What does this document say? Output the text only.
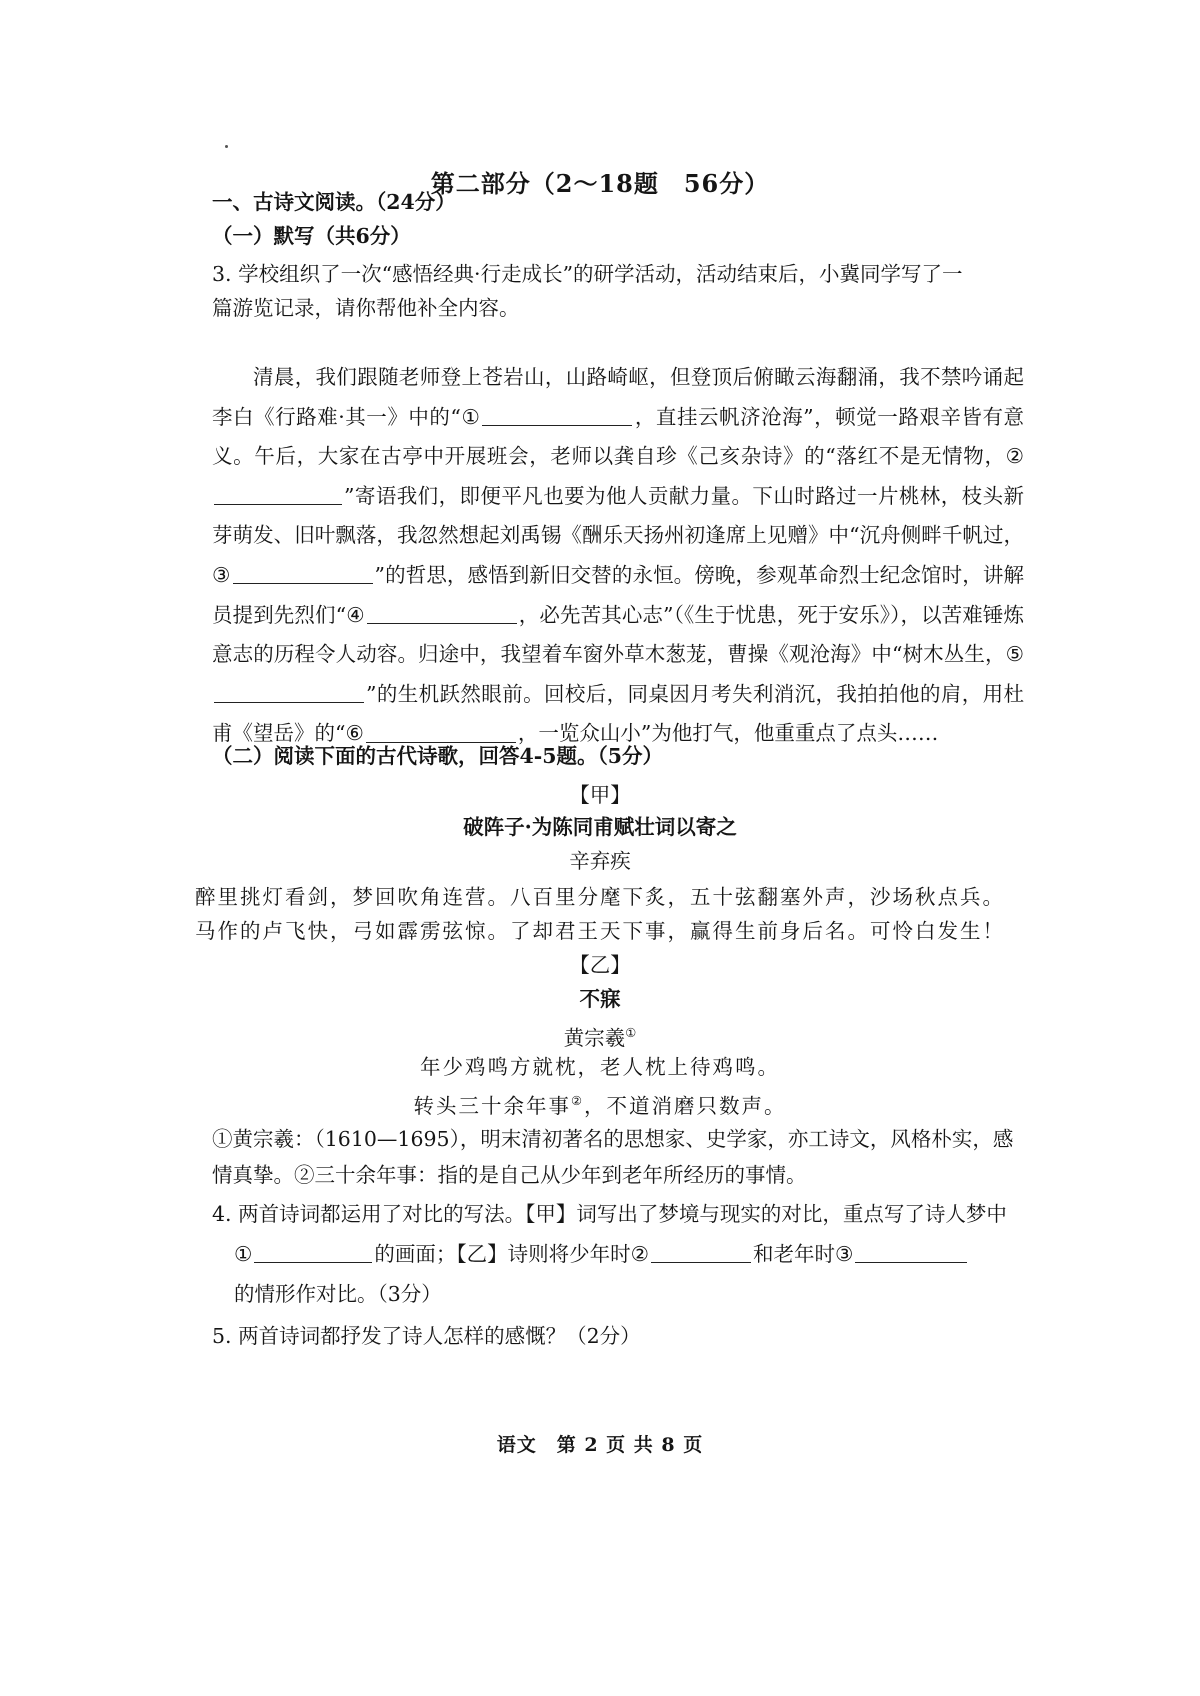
第二部分（2～18题　56分）
一、古诗文阅读。（24分）
（一）默写（共6分）
3. 学校组织了一次“感悟经典·行走成长”的研学活动，活动结束后，小冀同学写了一
篇游览记录，请你帮他补全内容。

清晨，我们跟随老师登上苍岩山，山路崎岖，但登顶后俯瞰云海翻涌，我不禁吟诵起李白《行路难·其一》中的“①	，直挂云帆济沧海”，顿觉一路艰辛皆有意义。午后，大家在古亭中开展班会，老师以龚自珍《己亥杂诗》的“落红不是无情物，②”寄语我们，即便平凡也要为他人贡献力量。下山时路过一片桃林，枝头新芽萌发、旧叶飘落，我忽然想起刘禹锡《酬乐天扬州初逢席上见赠》中“沉舟侧畔千帆过，③	”的哲思，感悟到新旧交替的永恒。傍晚，参观革命烈士纪念馆时，讲解员提到先烈们“④	，必先苦其心志”（《生于忧患，死于安乐》），以苦难锤炼意志的历程令人动容。归途中，我望着车窗外草木葱茏，曹操《观沧海》中“树木丛生，⑤”的生机跃然眼前。回校后，同桌因月考失利消沉，我拍拍他的肩，用杜甫《望岳》的“⑥	，一览众山小”为他打气，他重重点了点头……

（二）阅读下面的古代诗歌，回答4-5题。（5分）
【甲】
破阵子·为陈同甫赋壮词以寄之
辛弃疾
醉里挑灯看剑，梦回吹角连营。八百里分麾下炙，五十弦翻塞外声，沙场秋点兵。
马作的卢飞快，弓如霹雳弦惊。了却君王天下事，赢得生前身后名。可怜白发生！
【乙】
不寐
黄宗羲①
年少鸡鸣方就枕，老人枕上待鸡鸣。
转头三十余年事②，不道消磨只数声。
①黄宗羲：（1610—1695），明末清初著名的思想家、史学家，亦工诗文，风格朴实，感
情真挚。②三十余年事：指的是自己从少年到老年所经历的事情。
4. 两首诗词都运用了对比的写法。【甲】词写出了梦境与现实的对比，重点写了诗人梦中
①	的画面；【乙】诗则将少年时②	和老年时③
的情形作对比。（3分）
5. 两首诗词都抒发了诗人怎样的感慨？（2分）
语文　第 2 页 共 8 页
